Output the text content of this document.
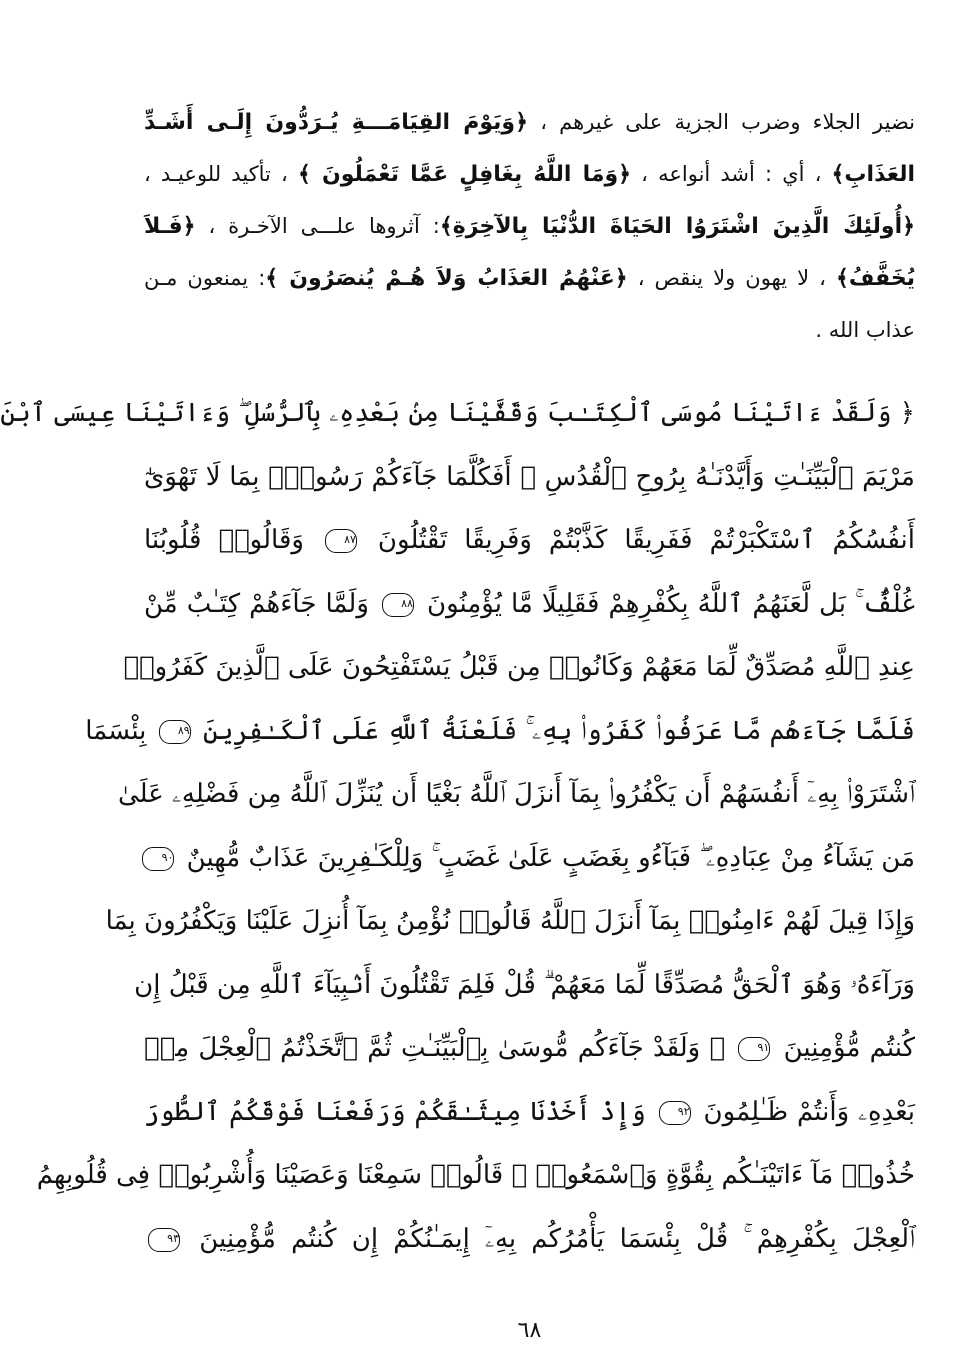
نضير الجلاء وضرب الجزية على غيرهم ، ﴿وَيَوْمَ القِيَامَـــةِ يُـرَدُّونَ إِلَـى أَشَـدِّ
العَذَابِ﴾ ، أي : أشد أنواعه ، ﴿وَمَا اللَّهُ بِغَافِلٍ عَمَّا تَعْمَلُونَ ﴾ ، تأكيد للوعيـد ،
﴿أُولَئِكَ الَّذِينَ اشْتَرَوُا الحَيَاةَ الدُّنْيَا بِالآخِرَةِ﴾: آثروها علـــى الآخـرة ، ﴿فَـلاَ
يُخَفَّفُ﴾ ، لا يهون ولا ينقص ، ﴿عَنْهُمُ العَذَابُ وَلاَ هُـمْ يُنصَرُونَ ﴾: يمنعون مـن
عذاب الله .
﴿ وَلَقَدْ ءَاتَيْنَا مُوسَى ٱلْكِتَـٰبَ وَقَفَّيْنَا مِنۢ بَعْدِهِۦ بِٱلرُّسُلِ ۖ وَءَاتَيْنَا عِيسَى ٱبْنَ
مَرْيَمَ ٱلْبَيِّنَـٰتِ وَأَيَّدْنَـٰهُ بِرُوحِ ٱلْقُدُسِ ۗ أَفَكُلَّمَا جَآءَكُمْ رَسُولٌۢ بِمَا لَا تَهْوَىٰٓ
أَنفُسُكُمُ ٱسْتَكْبَرْتُمْ فَفَرِيقًا كَذَّبْتُمْ وَفَرِيقًا تَقْتُلُونَ ٨٧ وَقَالُوا۟ قُلُوبُنَا
غُلْفٌۢ ۚ بَل لَّعَنَهُمُ ٱللَّهُ بِكُفْرِهِمْ فَقَلِيلًا مَّا يُؤْمِنُونَ ٨٨ وَلَمَّا جَآءَهُمْ كِتَـٰبٌ مِّنْ
عِندِ ٱللَّهِ مُصَدِّقٌ لِّمَا مَعَهُمْ وَكَانُوا۟ مِن قَبْلُ يَسْتَفْتِحُونَ عَلَى ٱلَّذِينَ كَفَرُوا۟
فَلَمَّا جَآءَهُم مَّا عَرَفُوا۟ كَفَرُوا۟ بِهِۦ ۚ فَلَعْنَةُ ٱللَّهِ عَلَى ٱلْكَـٰفِرِينَ ٨٩ بِئْسَمَا
ٱشْتَرَوْا۟ بِهِۦٓ أَنفُسَهُمْ أَن يَكْفُرُوا۟ بِمَآ أَنزَلَ ٱللَّهُ بَغْيًا أَن يُنَزِّلَ ٱللَّهُ مِن فَضْلِهِۦ عَلَىٰ
مَن يَشَآءُ مِنْ عِبَادِهِۦ ۖ فَبَآءُو بِغَضَبٍ عَلَىٰ غَضَبٍ ۚ وَلِلْكَـٰفِرِينَ عَذَابٌ مُّهِينٌ ٩٠
وَإِذَا قِيلَ لَهُمْ ءَامِنُوا۟ بِمَآ أَنزَلَ ٱللَّهُ قَالُوا۟ نُؤْمِنُ بِمَآ أُنزِلَ عَلَيْنَا وَيَكْفُرُونَ بِمَا
وَرَآءَهُۥ وَهُوَ ٱلْحَقُّ مُصَدِّقًا لِّمَا مَعَهُمْ ۗ قُلْ فَلِمَ تَقْتُلُونَ أَنۢبِيَآءَ ٱللَّهِ مِن قَبْلُ إِن
كُنتُم مُّؤْمِنِينَ ٩١ ۞ وَلَقَدْ جَآءَكُم مُّوسَىٰ بِٱلْبَيِّنَـٰتِ ثُمَّ ٱتَّخَذْتُمُ ٱلْعِجْلَ مِنۢ
بَعْدِهِۦ وَأَنتُمْ ظَـٰلِمُونَ ٩٢ وَإِذْ أَخَذْنَا مِيثَـٰقَكُمْ وَرَفَعْنَا فَوْقَكُمُ ٱلطُّورَ
خُذُوا۟ مَآ ءَاتَيْنَـٰكُم بِقُوَّةٍ وَٱسْمَعُوا۟ ۖ قَالُوا۟ سَمِعْنَا وَعَصَيْنَا وَأُشْرِبُوا۟ فِى قُلُوبِهِمُ
ٱلْعِجْلَ بِكُفْرِهِمْ ۚ قُلْ بِئْسَمَا يَأْمُرُكُم بِهِۦٓ إِيمَـٰنُكُمْ إِن كُنتُم مُّؤْمِنِينَ ٩٣
٦٨
